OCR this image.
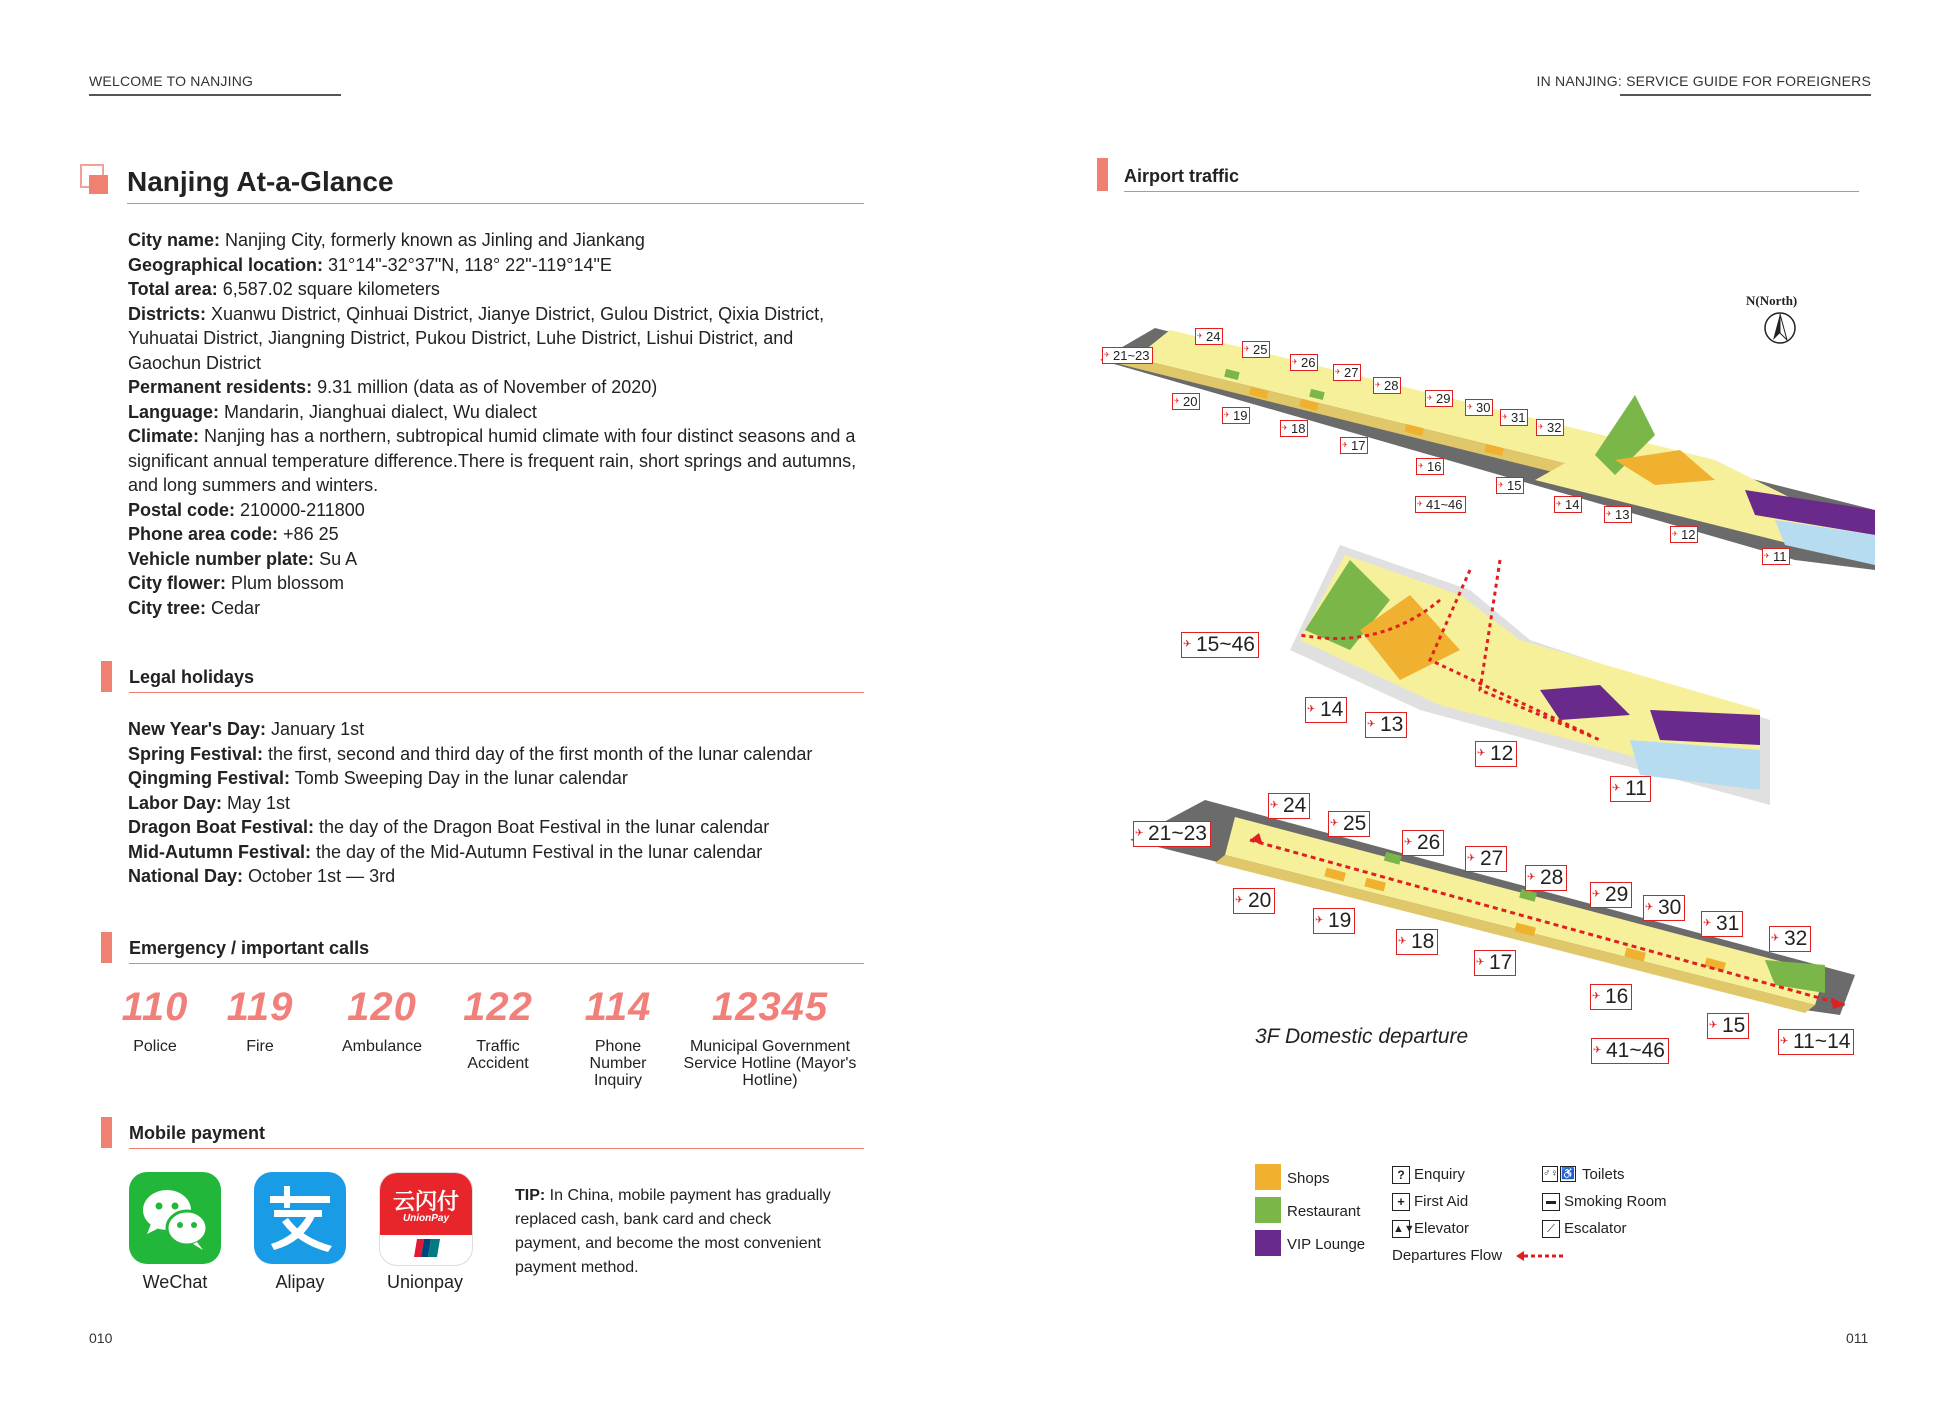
WELCOME TO NANJING	IN NANJING: SERVICE GUIDE FOR FOREIGNERS
Nanjing At-a-Glance
City name: Nanjing City, formerly known as Jinling and Jiankang
Geographical location: 31°14"-32°37"N, 118° 22"-119°14"E
Total area: 6,587.02 square kilometers
Districts: Xuanwu District, Qinhuai District, Jianye District, Gulou District, Qixia District, Yuhuatai District, Jiangning District, Pukou District, Luhe District, Lishui District, and Gaochun District
Permanent residents: 9.31 million (data as of November of 2020)
Language: Mandarin, Jianghuai dialect, Wu dialect
Climate: Nanjing has a northern, subtropical humid climate with four distinct seasons and a significant annual temperature difference.There is frequent rain, short springs and autumns, and long summers and winters.
Postal code: 210000-211800
Phone area code: +86 25
Vehicle number plate: Su A
City flower: Plum blossom
City tree: Cedar
Legal holidays
New Year's Day: January 1st
Spring Festival: the first, second and third day of the first month of the lunar calendar
Qingming Festival: Tomb Sweeping Day in the lunar calendar
Labor Day: May 1st
Dragon Boat Festival: the day of the Dragon Boat Festival in the lunar calendar
Mid-Autumn Festival: the day of the Mid-Autumn Festival in the lunar calendar
National Day: October 1st — 3rd
Emergency / important calls
110
Police
119
Fire
120
Ambulance
122
Traffic Accident
114
Phone Number Inquiry
12345
Municipal Government Service Hotline (Mayor's Hotline)
Mobile payment
WeChat	Alipay
云闪付
UnionPay
Unionpay
TIP: In China, mobile payment has gradually replaced cash, bank card and check payment, and become the most convenient payment method.
010
Airport traffic
N(North)
✈ 21~23
✈ 24
✈ 25
✈ 26
✈ 27
✈ 28
✈ 29
✈ 30
✈ 31
✈ 32
✈ 20
✈ 19
✈ 18
✈ 17
✈ 16
✈ 41~46
✈ 15
✈ 14
✈ 13
✈ 12
✈ 11
✈ 15~46
✈ 14
✈ 13
✈ 12
✈ 11
✈ 21~23
✈ 24
✈ 25
✈ 26
✈ 27
✈ 28
✈ 29
✈ 30
✈ 31
✈ 32
✈ 20
✈ 19
✈ 18
✈ 17
✈ 16
✈ 15
✈ 41~46	✈ 11~14
3F Domestic departure
Shops
Restaurant
VIP Lounge
? Enquiry
+ First Aid
▲▼ Elevator
Departures Flow
♂♀ ♿ Toilets
▬ Smoking Room
⟋ Escalator
011
